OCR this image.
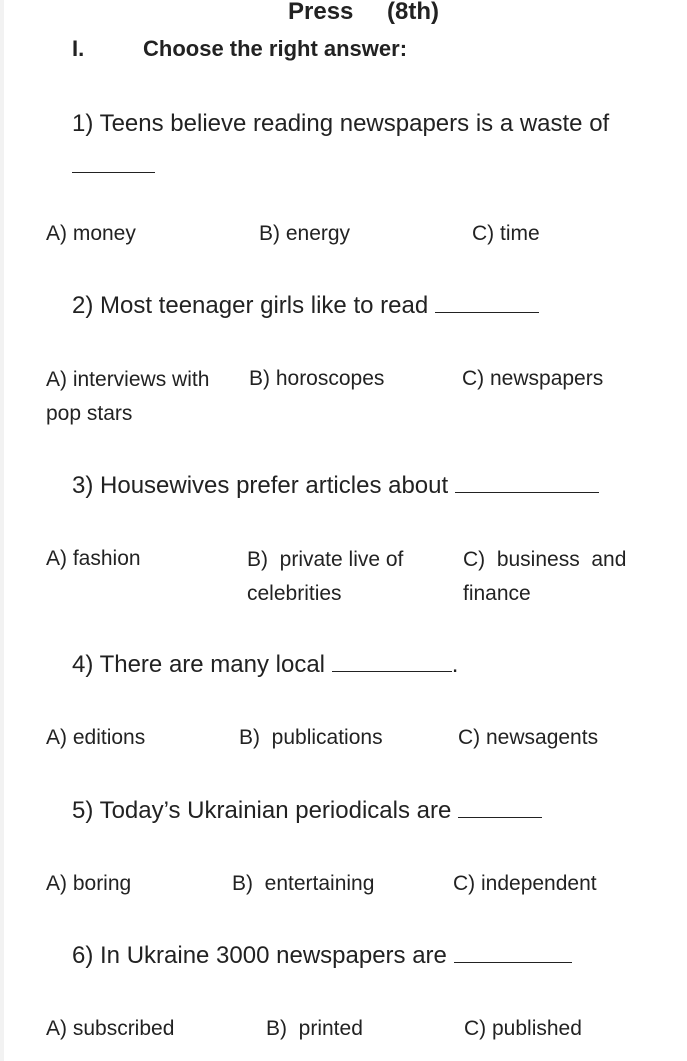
Press (8th)
I.	Choose the right answer:
1) Teens believe reading newspapers is a waste of
A) money	B) energy	C) time
2) Most teenager girls like to read
A) interviews with pop stars
B) horoscopes	C) newspapers
3) Housewives prefer articles about
A) fashion	B)  private live of celebrities
C)  business  and finance
4) There are many local	.
A) editions	B)  publications	C) newsagents
5) Today’s Ukrainian periodicals are
A) boring	B)  entertaining	C) independent
6) In Ukraine 3000 newspapers are
A) subscribed	B)  printed	C) published
